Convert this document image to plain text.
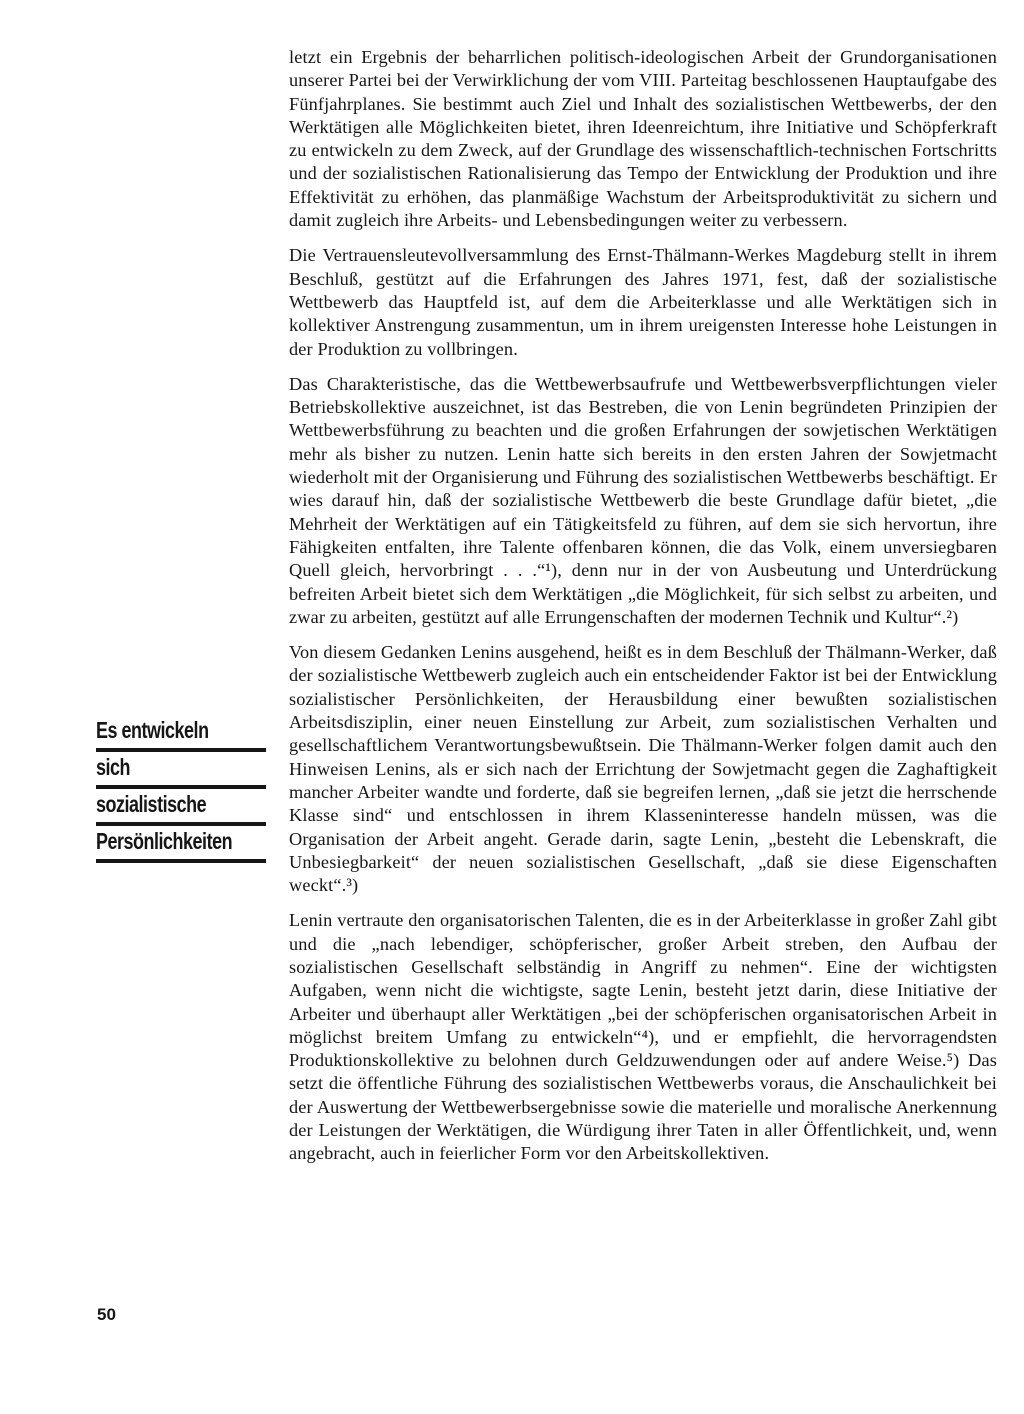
Es entwickeln
sich
sozialistische
Persönlichkeiten

letzt ein Ergebnis der beharrlichen politisch-ideologischen Arbeit der Grundorganisationen unserer Partei bei der Verwirklichung der vom VIII. Parteitag beschlossenen Hauptaufgabe des Fünfjahrplanes. Sie bestimmt auch Ziel und Inhalt des sozialistischen Wettbewerbs, der den Werktätigen alle Möglichkeiten bietet, ihren Ideenreichtum, ihre Initiative und Schöpferkraft zu entwickeln zu dem Zweck, auf der Grundlage des wissenschaftlich-technischen Fortschritts und der sozialistischen Rationalisierung das Tempo der Entwicklung der Produktion und ihre Effektivität zu erhöhen, das planmäßige Wachstum der Arbeitsproduktivität zu sichern und damit zugleich ihre Arbeits- und Lebensbedingungen weiter zu verbessern.

Die Vertrauensleutevollversammlung des Ernst-Thälmann-Werkes Magdeburg stellt in ihrem Beschluß, gestützt auf die Erfahrungen des Jahres 1971, fest, daß der sozialistische Wettbewerb das Hauptfeld ist, auf dem die Arbeiterklasse und alle Werktätigen sich in kollektiver Anstrengung zusammentun, um in ihrem ureigensten Interesse hohe Leistungen in der Produktion zu vollbringen.

Das Charakteristische, das die Wettbewerbsaufrufe und Wettbewerbsverpflichtungen vieler Betriebskollektive auszeichnet, ist das Bestreben, die von Lenin begründeten Prinzipien der Wettbewerbsführung zu beachten und die großen Erfahrungen der sowjetischen Werktätigen mehr als bisher zu nutzen. Lenin hatte sich bereits in den ersten Jahren der Sowjetmacht wiederholt mit der Organisierung und Führung des sozialistischen Wettbewerbs beschäftigt. Er wies darauf hin, daß der sozialistische Wettbewerb die beste Grundlage dafür bietet, „die Mehrheit der Werktätigen auf ein Tätigkeitsfeld zu führen, auf dem sie sich hervortun, ihre Fähigkeiten entfalten, ihre Talente offenbaren können, die das Volk, einem unversiegbaren Quell gleich, hervorbringt . . .“¹), denn nur in der von Ausbeutung und Unterdrückung befreiten Arbeit bietet sich dem Werktätigen „die Möglichkeit, für sich selbst zu arbeiten, und zwar zu arbeiten, gestützt auf alle Errungenschaften der modernen Technik und Kultur“.²)

Von diesem Gedanken Lenins ausgehend, heißt es in dem Beschluß der Thälmann-Werker, daß der sozialistische Wettbewerb zugleich auch ein entscheidender Faktor ist bei der Entwicklung sozialistischer Persönlichkeiten, der Herausbildung einer bewußten sozialistischen Arbeitsdisziplin, einer neuen Einstellung zur Arbeit, zum sozialistischen Verhalten und gesellschaftlichem Verantwortungsbewußtsein. Die Thälmann-Werker folgen damit auch den Hinweisen Lenins, als er sich nach der Errichtung der Sowjetmacht gegen die Zaghaftigkeit mancher Arbeiter wandte und forderte, daß sie begreifen lernen, „daß sie jetzt die herrschende Klasse sind“ und entschlossen in ihrem Klasseninteresse handeln müssen, was die Organisation der Arbeit angeht. Gerade darin, sagte Lenin, „besteht die Lebenskraft, die Unbesiegbarkeit“ der neuen sozialistischen Gesellschaft, „daß sie diese Eigenschaften weckt“.³)

Lenin vertraute den organisatorischen Talenten, die es in der Arbeiterklasse in großer Zahl gibt und die „nach lebendiger, schöpferischer, großer Arbeit streben, den Aufbau der sozialistischen Gesellschaft selbständig in Angriff zu nehmen“. Eine der wichtigsten Aufgaben, wenn nicht die wichtigste, sagte Lenin, besteht jetzt darin, diese Initiative der Arbeiter und überhaupt aller Werktätigen „bei der schöpferischen organisatorischen Arbeit in möglichst breitem Umfang zu entwickeln“⁴), und er empfiehlt, die hervorragendsten Produktionskollektive zu belohnen durch Geldzuwendungen oder auf andere Weise.⁵) Das setzt die öffentliche Führung des sozialistischen Wettbewerbs voraus, die Anschaulichkeit bei der Auswertung der Wettbewerbsergebnisse sowie die materielle und moralische Anerkennung der Leistungen der Werktätigen, die Würdigung ihrer Taten in aller Öffentlichkeit, und, wenn angebracht, auch in feierlicher Form vor den Arbeitskollektiven.

50
